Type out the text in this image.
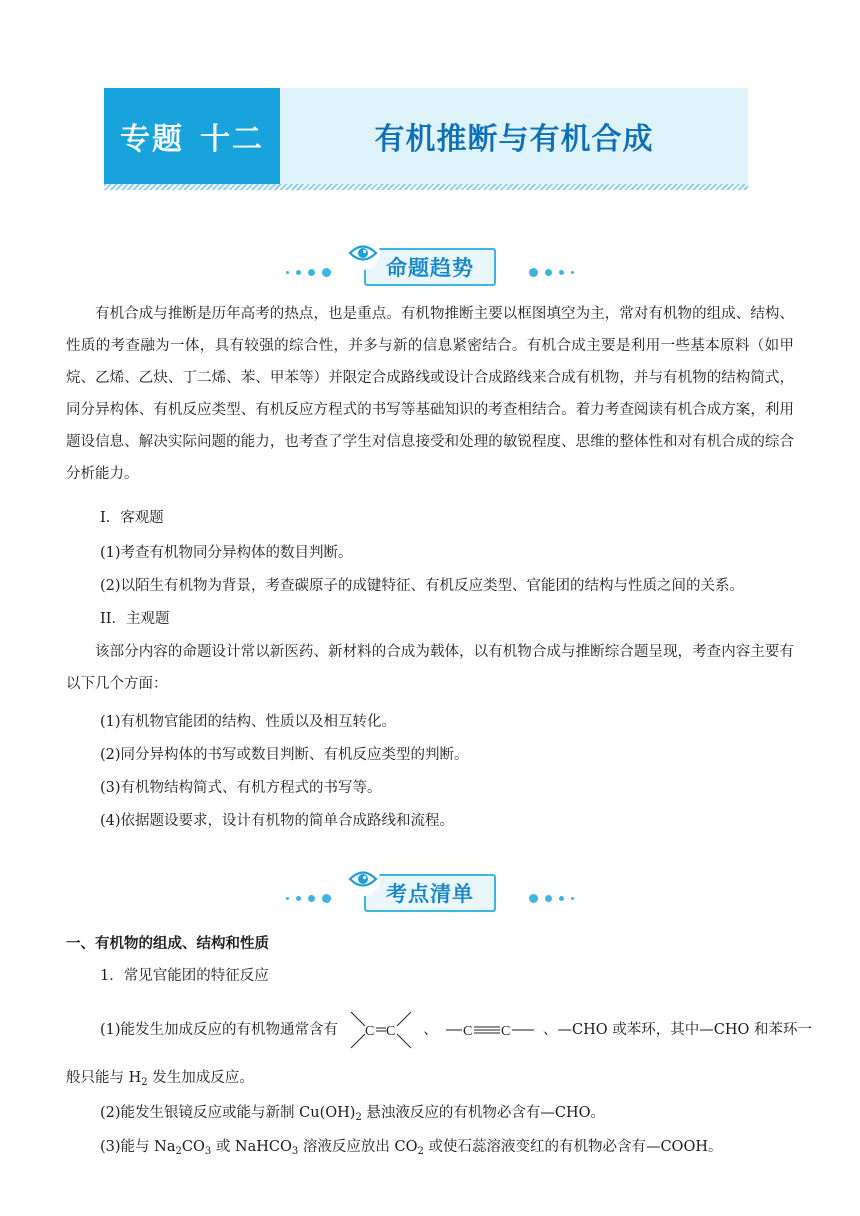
专题 十二	有机推断与有机合成
命题趋势
有机合成与推断是历年高考的热点，也是重点。有机物推断主要以框图填空为主，常对有机物的组成、结构、性质的考查融为一体，具有较强的综合性，并多与新的信息紧密结合。有机合成主要是利用一些基本原料（如甲烷、乙烯、乙炔、丁二烯、苯、甲苯等）并限定合成路线或设计合成路线来合成有机物，并与有机物的结构简式，同分异构体、有机反应类型、有机反应方程式的书写等基础知识的考查相结合。着力考查阅读有机合成方案，利用题设信息、解决实际问题的能力，也考查了学生对信息接受和处理的敏锐程度、思维的整体性和对有机合成的综合分析能力。
I．客观题
(1)考查有机物同分异构体的数目判断。
(2)以陌生有机物为背景，考查碳原子的成键特征、有机反应类型、官能团的结构与性质之间的关系。
II．主观题
该部分内容的命题设计常以新医药、新材料的合成为载体，以有机物合成与推断综合题呈现，考查内容主要有以下几个方面：
(1)有机物官能团的结构、性质以及相互转化。
(2)同分异构体的书写或数目判断、有机反应类型的判断。
(3)有机物结构简式、有机方程式的书写等。
(4)依据题设要求，设计有机物的简单合成路线和流程。
考点清单
一、有机物的组成、结构和性质
1．常见官能团的特征反应
(1)能发生加成反应的有机物通常含有 C C 、 C C 、—CHO 或苯环，其中—CHO 和苯环一
般只能与 $H_2$ 发生加成反应。
(2)能发生银镜反应或能与新制 $Cu(OH)_2$ 悬浊液反应的有机物必含有—CHO。
(3)能与 $Na_2CO_3$ 或 NaHCO$_3$ 溶液反应放出 $CO_2$ 或使石蕊溶液变红的有机物必含有—COOH。
